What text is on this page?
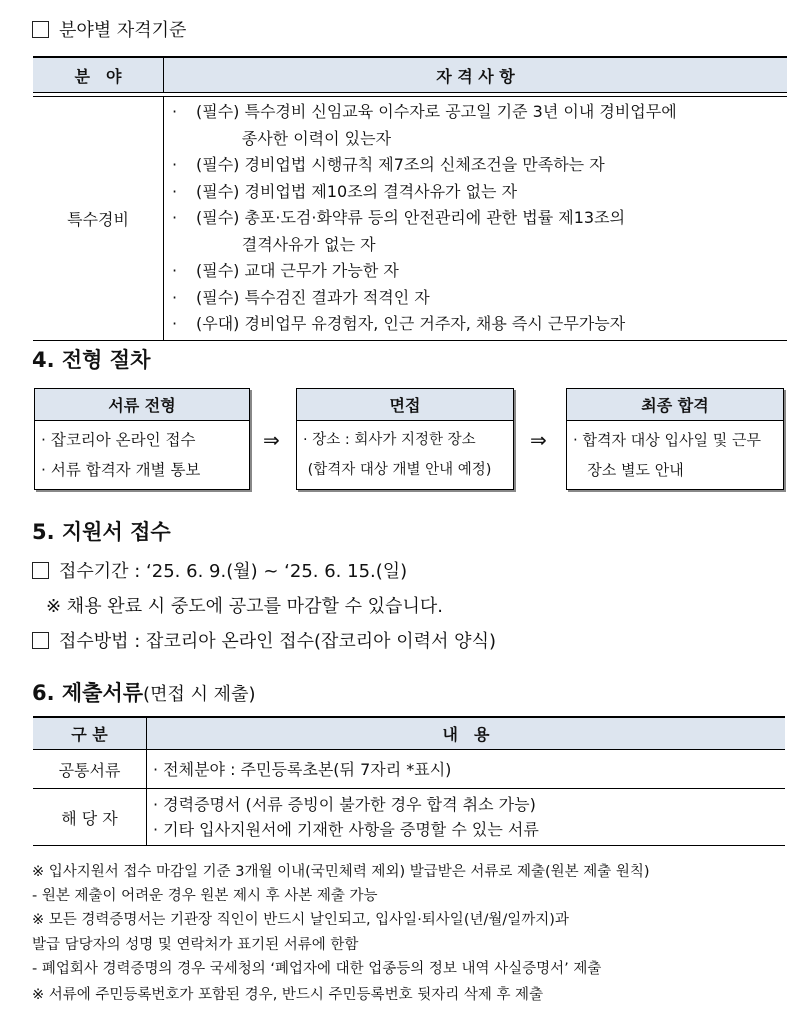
분야별 자격기준
분　야	자 격 사 항
특수경비
·	(필수) 특수경비 신임교육 이수자로 공고일 기준 3년 이내 경비업무에
종사한 이력이 있는자
·	(필수) 경비업법 시행규칙 제7조의 신체조건을 만족하는 자
·	(필수) 경비업법 제10조의 결격사유가 없는 자
·	(필수) 총포·도검·화약류 등의 안전관리에 관한 법률 제13조의
결격사유가 없는 자
·	(필수) 교대 근무가 가능한 자
·	(필수) 특수검진 결과가 적격인 자
·	(우대) 경비업무 유경험자, 인근 거주자, 채용 즉시 근무가능자
4. 전형 절차
서류 전형
· 잡코리아 온라인 접수
· 서류 합격자 개별 통보
⇒
면접
· 장소 : 회사가 지정한 장소
(합격자 대상 개별 안내 예정)
⇒
최종 합격
· 합격자 대상 입사일 및 근무
장소 별도 안내
5. 지원서 접수
접수기간 : ‘25. 6. 9.(월) ~ ‘25. 6. 15.(일)
※ 채용 완료 시 중도에 공고를 마감할 수 있습니다.
접수방법 : 잡코리아 온라인 접수(잡코리아 이력서 양식)
6. 제출서류(면접 시 제출)
구 분	내　용
공통서류	· 전체분야 : 주민등록초본(뒤 7자리 *표시)
해 당 자
· 경력증명서 (서류 증빙이 불가한 경우 합격 취소 가능)
· 기타 입사지원서에 기재한 사항을 증명할 수 있는 서류
※ 입사지원서 접수 마감일 기준 3개월 이내(국민체력 제외) 발급받은 서류로 제출(원본 제출 원칙)
- 원본 제출이 어려운 경우 원본 제시 후 사본 제출 가능
※ 모든 경력증명서는 기관장 직인이 반드시 날인되고, 입사일·퇴사일(년/월/일까지)과
발급 담당자의 성명 및 연락처가 표기된 서류에 한함
- 폐업회사 경력증명의 경우 국세청의 ‘폐업자에 대한 업종등의 정보 내역 사실증명서’ 제출
※ 서류에 주민등록번호가 포함된 경우, 반드시 주민등록번호 뒷자리 삭제 후 제출
